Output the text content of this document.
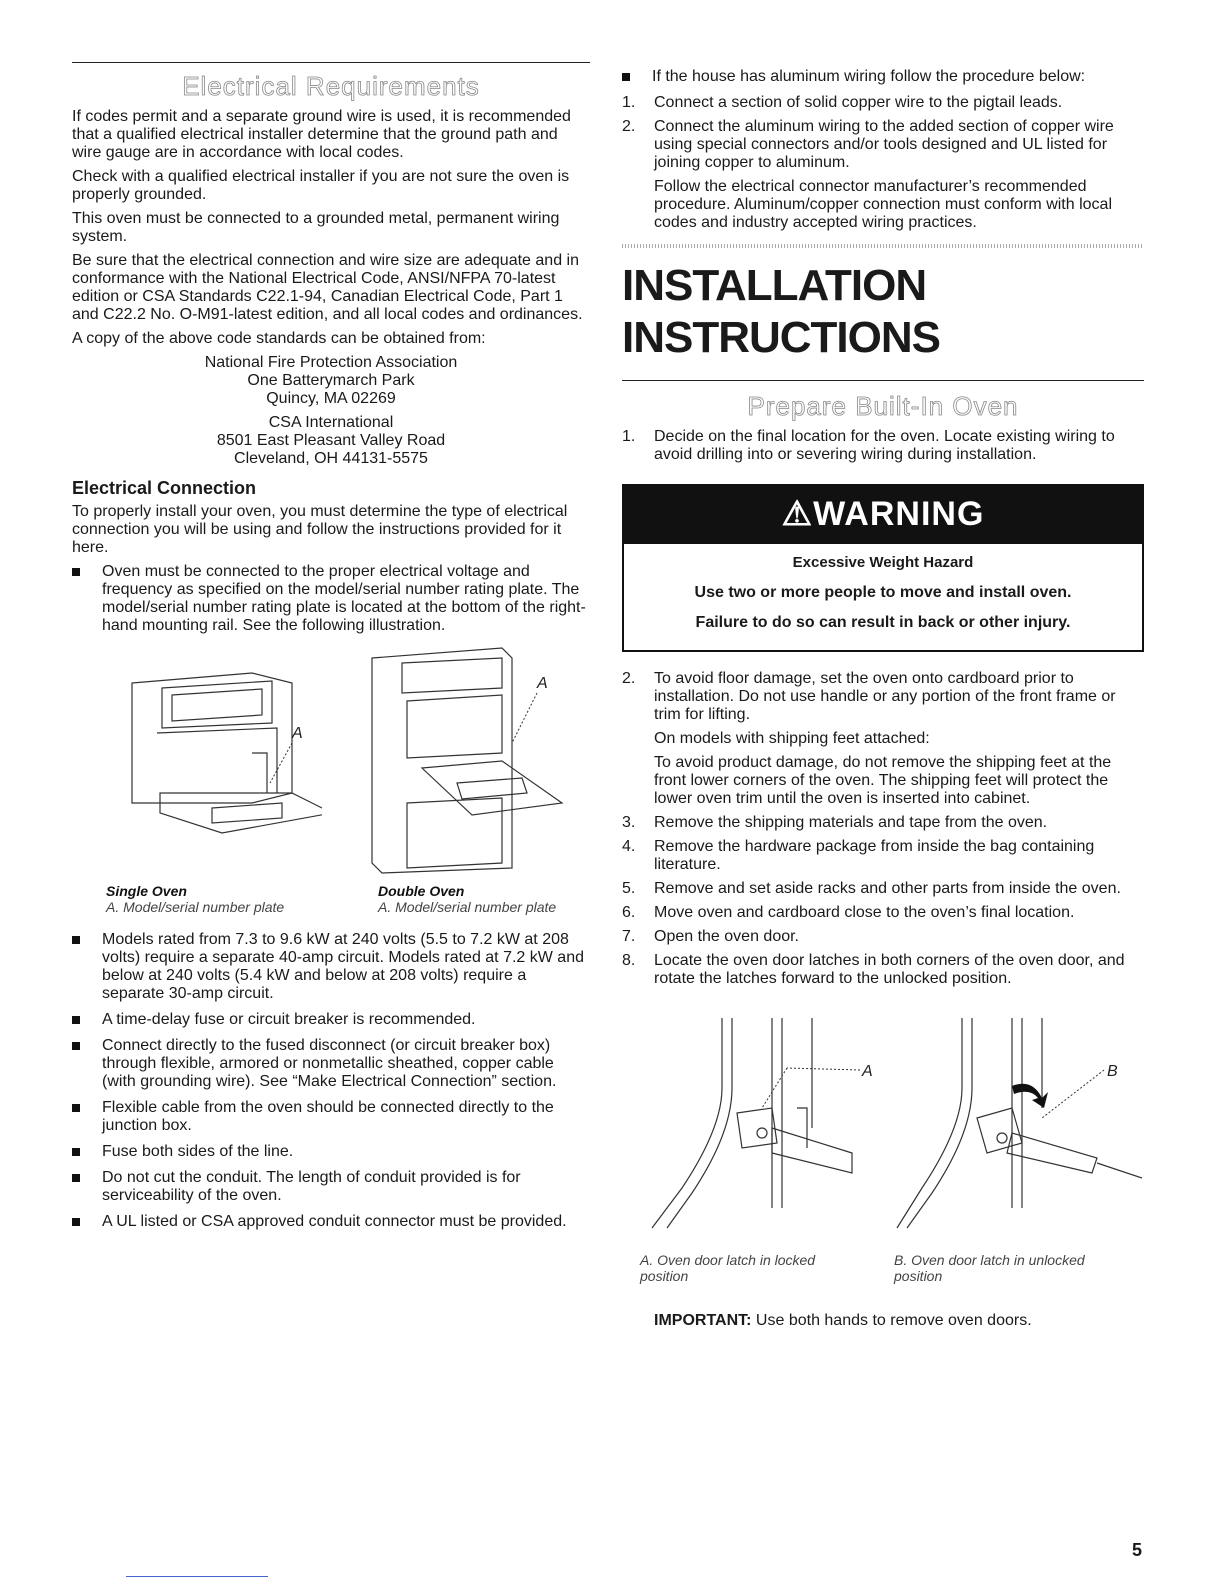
Electrical Requirements

If codes permit and a separate ground wire is used, it is recommended that a qualified electrical installer determine that the ground path and wire gauge are in accordance with local codes.

Check with a qualified electrical installer if you are not sure the oven is properly grounded.

This oven must be connected to a grounded metal, permanent wiring system.

Be sure that the electrical connection and wire size are adequate and in conformance with the National Electrical Code, ANSI/NFPA 70-latest edition or CSA Standards C22.1-94, Canadian Electrical Code, Part 1 and C22.2 No. O-M91-latest edition, and all local codes and ordinances.

A copy of the above code standards can be obtained from:

National Fire Protection Association

One Batterymarch Park

Quincy, MA 02269

CSA International

8501 East Pleasant Valley Road

Cleveland, OH 44131-5575

Electrical Connection

To properly install your oven, you must determine the type of electrical connection you will be using and follow the instructions provided for it here.

Oven must be connected to the proper electrical voltage and frequency as specified on the model/serial number rating plate. The model/serial number rating plate is located at the bottom of the right-hand mounting rail. See the following illustration.
A
A
Single Oven
A. Model/serial number plate
Double Oven
A. Model/serial number plate
Models rated from 7.3 to 9.6 kW at 240 volts (5.5 to 7.2 kW at 208 volts) require a separate 40-amp circuit. Models rated at 7.2 kW and below at 240 volts (5.4 kW and below at 208 volts) require a separate 30-amp circuit.
A time-delay fuse or circuit breaker is recommended.
Connect directly to the fused disconnect (or circuit breaker box) through flexible, armored or nonmetallic sheathed, copper cable (with grounding wire). See “Make Electrical Connection” section.
Flexible cable from the oven should be connected directly to the junction box.
Fuse both sides of the line.
Do not cut the conduit. The length of conduit provided is for serviceability of the oven.
A UL listed or CSA approved conduit connector must be provided.
If the house has aluminum wiring follow the procedure below:
1.	Connect a section of solid copper wire to the pigtail leads.
2.	Connect the aluminum wiring to the added section of copper wire using special connectors and/or tools designed and UL listed for joining copper to aluminum.

Follow the electrical connector manufacturer’s recommended procedure. Aluminum/copper connection must conform with local codes and industry accepted wiring practices.

INSTALLATION INSTRUCTIONS
Prepare Built-In Oven
1.	Decide on the final location for the oven. Locate existing wiring to avoid drilling into or severing wiring during installation.
⚠WARNING

Excessive Weight Hazard

Use two or more people to move and install oven.

Failure to do so can result in back or other injury.

2.	To avoid floor damage, set the oven onto cardboard prior to installation. Do not use handle or any portion of the front frame or trim for lifting.

On models with shipping feet attached:

To avoid product damage, do not remove the shipping feet at the front lower corners of the oven. The shipping feet will protect the lower oven trim until the oven is inserted into cabinet.

3.	Remove the shipping materials and tape from the oven.
4.	Remove the hardware package from inside the bag containing literature.
5.	Remove and set aside racks and other parts from inside the oven.
6.	Move oven and cardboard close to the oven’s final location.
7.	Open the oven door.
8.	Locate the oven door latches in both corners of the oven door, and rotate the latches forward to the unlocked position.
A	B
A. Oven door latch in locked position
B. Oven door latch in unlocked position

IMPORTANT: Use both hands to remove oven doors.

5
